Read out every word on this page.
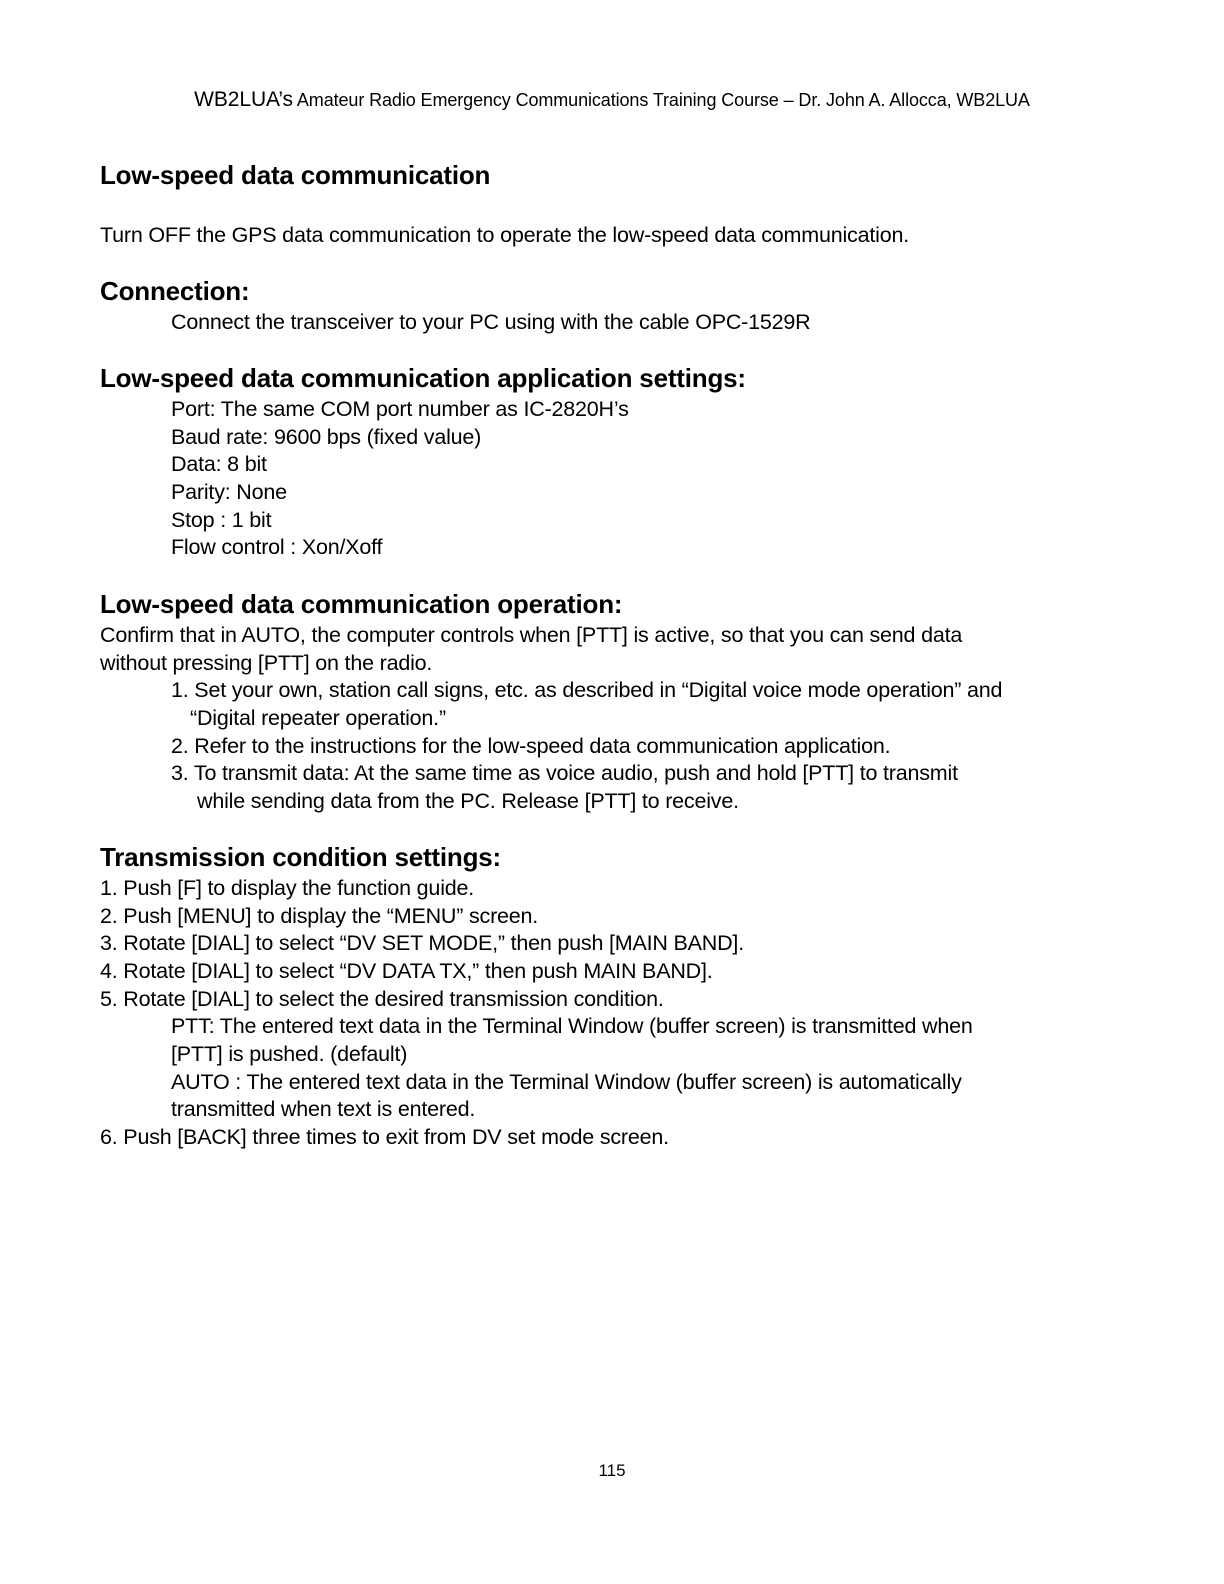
WB2LUA’s Amateur Radio Emergency Communications Training Course – Dr. John A. Allocca, WB2LUA
Low-speed data communication

Turn OFF the GPS data communication to operate the low-speed data communication.

Connection:

Connect the transceiver to your PC using with the cable OPC-1529R

Low-speed data communication application settings:

Port: The same COM port number as IC-2820H’s

Baud rate: 9600 bps (fixed value)

Data: 8 bit

Parity: None

Stop : 1 bit

Flow control : Xon/Xoff

Low-speed data communication operation:

Confirm that in AUTO, the computer controls when [PTT] is active, so that you can send data

without pressing [PTT] on the radio.

1. Set your own, station call signs, etc. as described in “Digital voice mode operation” and

“Digital repeater operation.”

2. Refer to the instructions for the low-speed data communication application.

3. To transmit data: At the same time as voice audio, push and hold [PTT] to transmit

while sending data from the PC. Release [PTT] to receive.

Transmission condition settings:

1. Push [F] to display the function guide.

2. Push [MENU] to display the “MENU” screen.

3. Rotate [DIAL] to select “DV SET MODE,” then push [MAIN BAND].

4. Rotate [DIAL] to select “DV DATA TX,” then push MAIN BAND].

5. Rotate [DIAL] to select the desired transmission condition.

PTT: The entered text data in the Terminal Window (buffer screen) is transmitted when

[PTT] is pushed. (default)

AUTO : The entered text data in the Terminal Window (buffer screen) is automatically

transmitted when text is entered.

6. Push [BACK] three times to exit from DV set mode screen.

115
